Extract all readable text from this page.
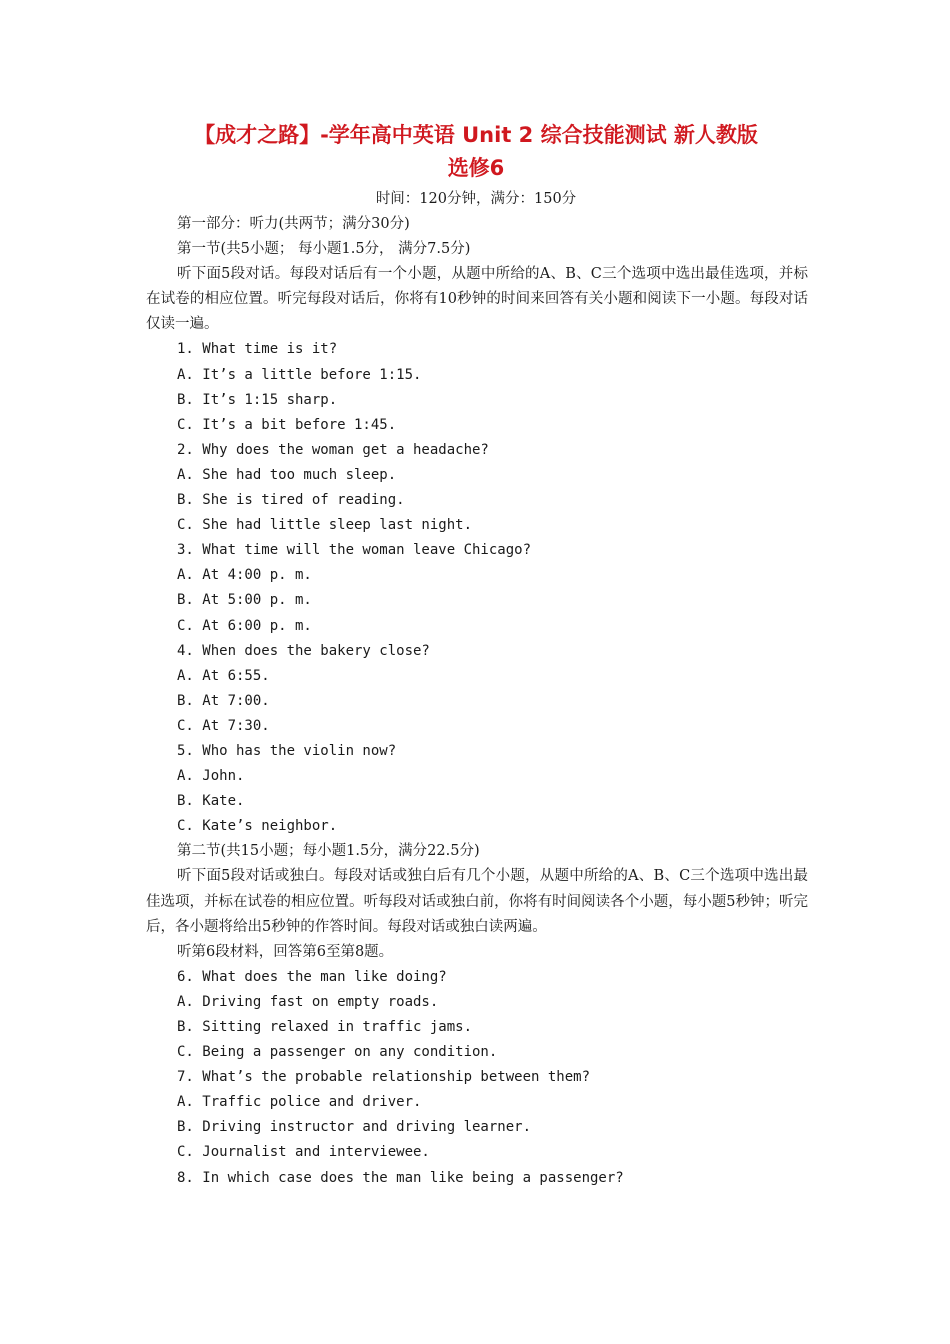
【成才之路】-学年高中英语 Unit 2 综合技能测试 新人教版
选修6
时间：120分钟，满分：150分

第一部分：听力(共两节；满分30分)

第一节(共5小题； 每小题1.5分， 满分7.5分)

听下面5段对话。每段对话后有一个小题，从题中所给的A、B、C三个选项中选出最佳选项，并标在试卷的相应位置。听完每段对话后，你将有10秒钟的时间来回答有关小题和阅读下一小题。每段对话仅读一遍。

1. What time is it?

A. It’s a little before 1:15.

B. It’s 1:15 sharp.

C. It’s a bit before 1:45.

2. Why does the woman get a headache?

A. She had too much sleep.

B. She is tired of reading.

C. She had little sleep last night.

3. What time will the woman leave Chicago?

A. At 4:00 p. m.

B. At 5:00 p. m.

C. At 6:00 p. m.

4. When does the bakery close?

A. At 6:55.

B. At 7:00.

C. At 7:30.

5. Who has the violin now?

A. John.

B. Kate.

C. Kate’s neighbor.

第二节(共15小题；每小题1.5分，满分22.5分)

听下面5段对话或独白。每段对话或独白后有几个小题，从题中所给的A、B、C三个选项中选出最佳选项，并标在试卷的相应位置。听每段对话或独白前，你将有时间阅读各个小题，每小题5秒钟；听完后，各小题将给出5秒钟的作答时间。每段对话或独白读两遍。

听第6段材料，回答第6至第8题。

6. What does the man like doing?

A. Driving fast on empty roads.

B. Sitting relaxed in traffic jams.

C. Being a passenger on any condition.

7. What’s the probable relationship between them?

A. Traffic police and driver.

B. Driving instructor and driving learner.

C. Journalist and interviewee.

8. In which case does the man like being a passenger?
